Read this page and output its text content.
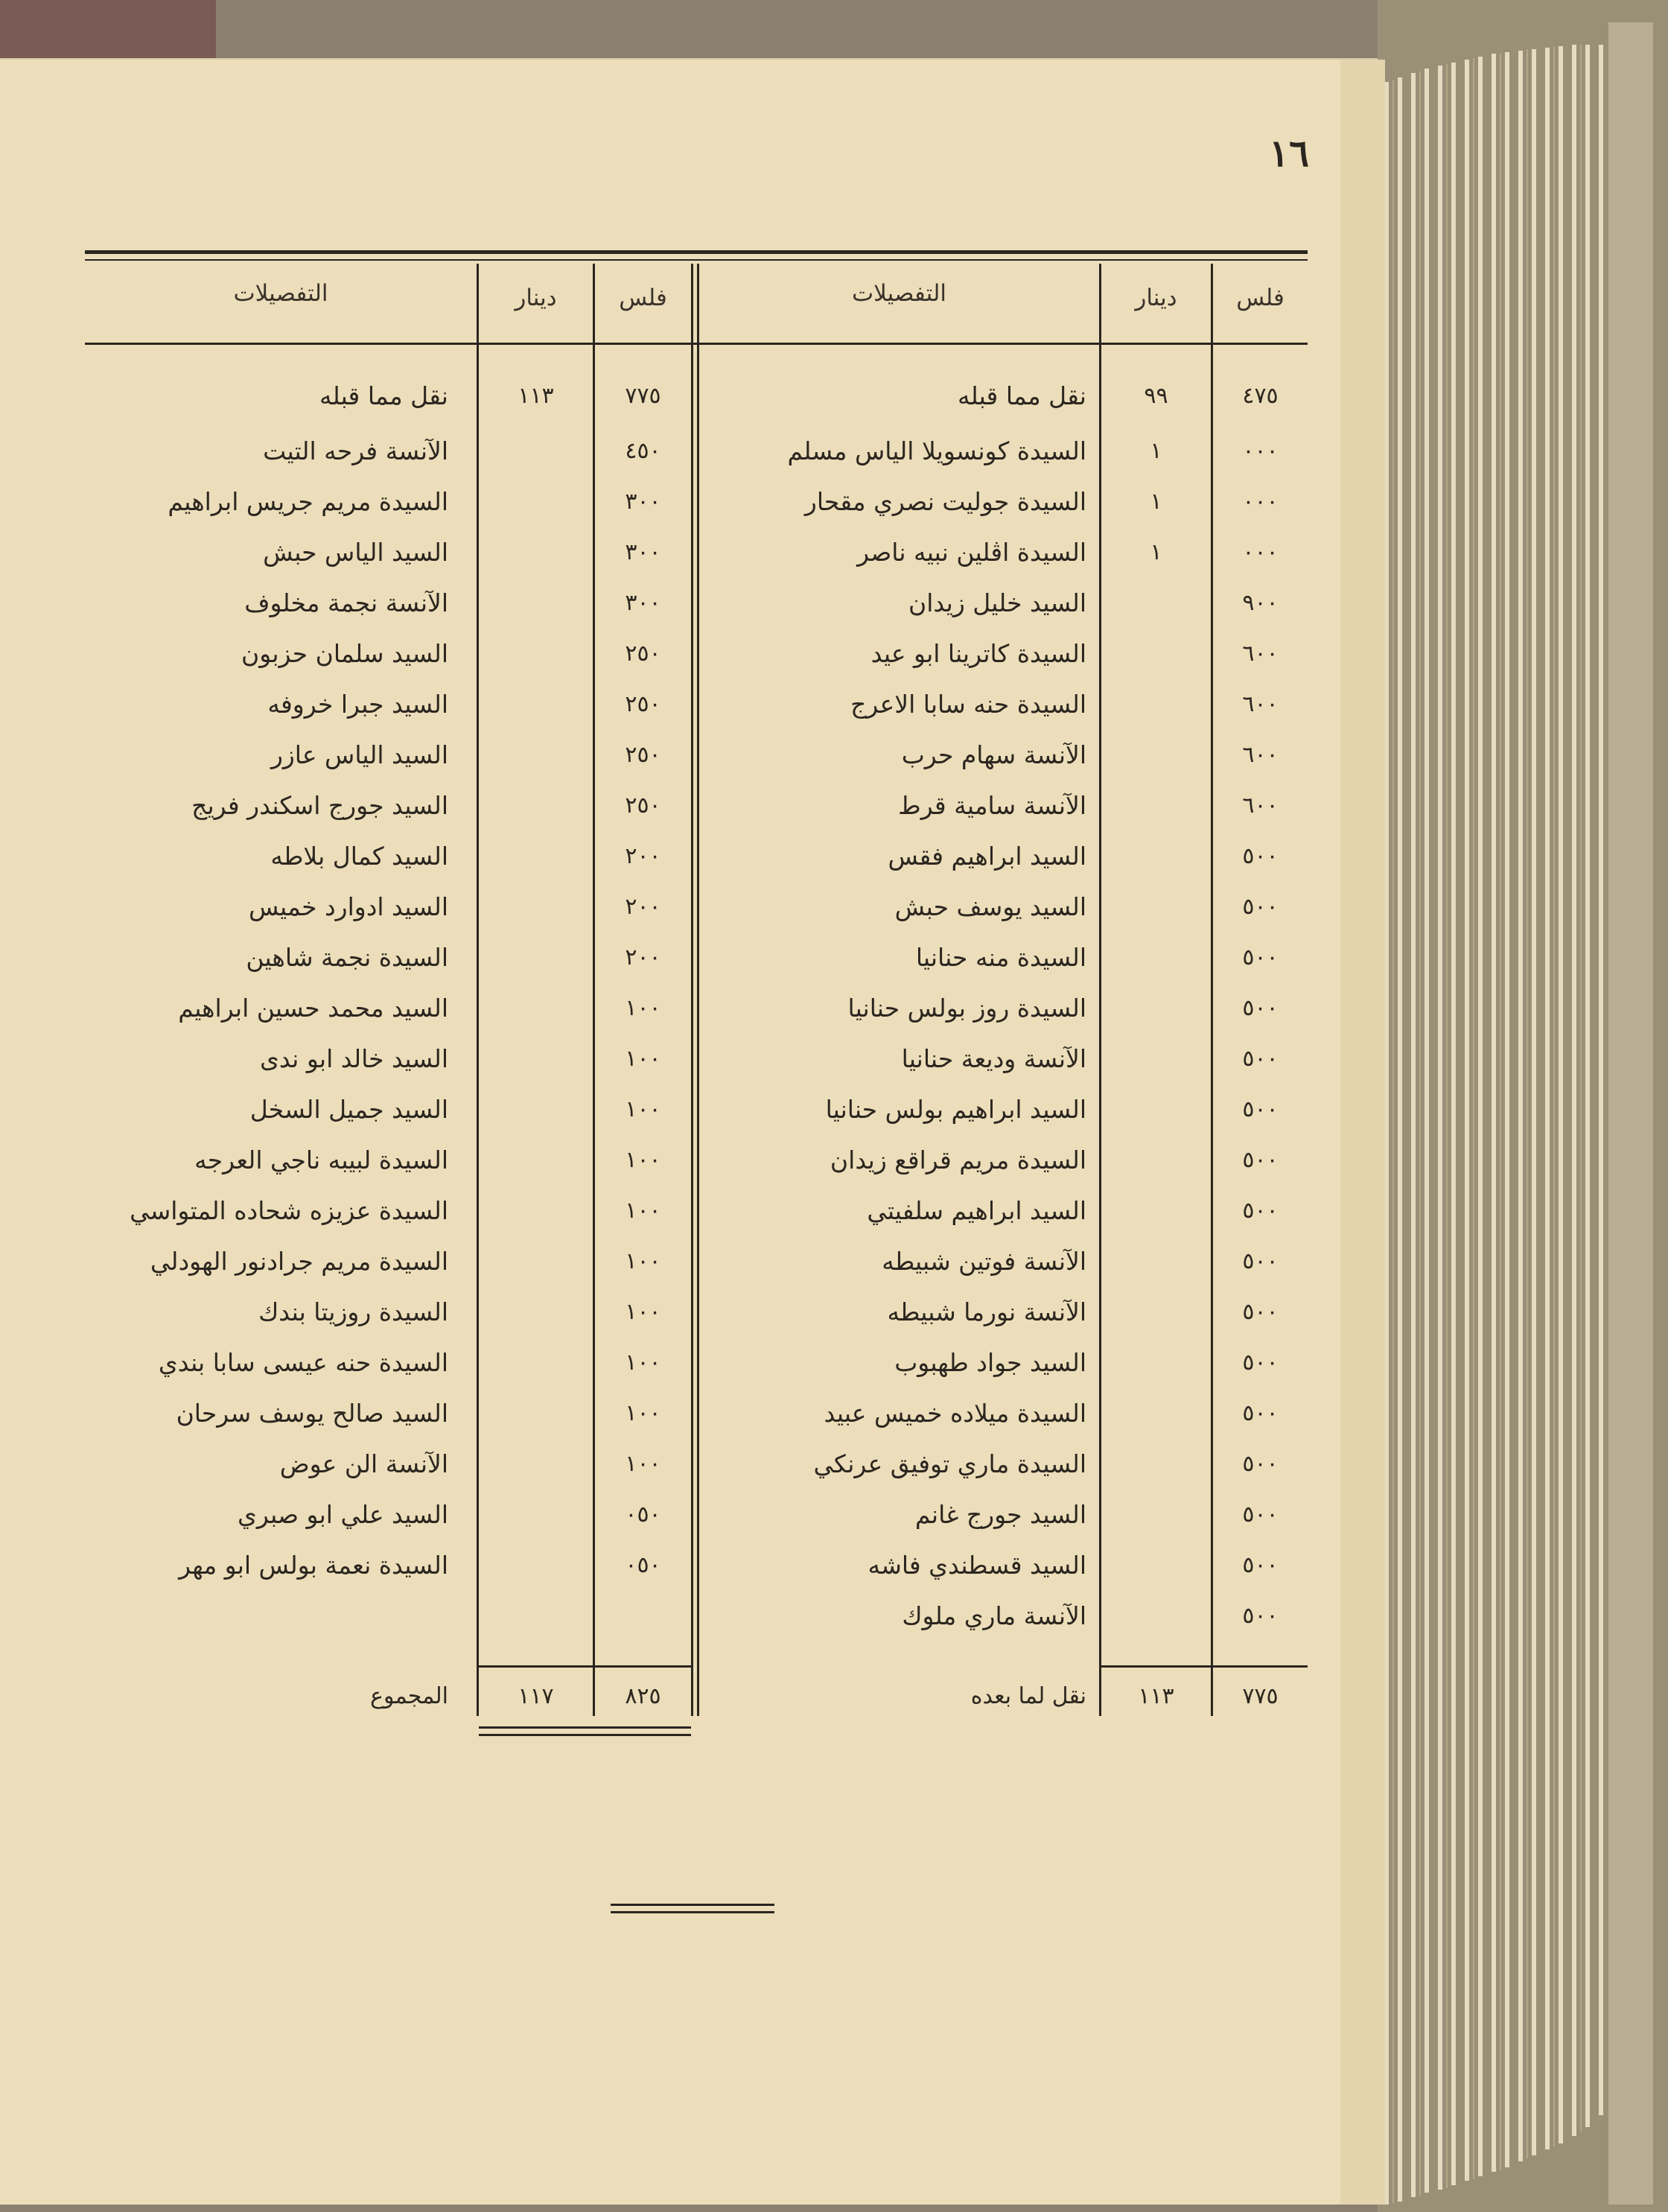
١٦
فلس
دينار
التفصيلات
فلس
دينار
التفصيلات
٤٧٥
٩٩
نقل مما قبله
٠٠٠
١
السيدة كونسويلا الياس مسلم
٠٠٠
١
السيدة جوليت نصري مقحار
٠٠٠
١
السيدة اڤلين نبيه ناصر
٩٠٠
السيد خليل زيدان
٦٠٠
السيدة كاترينا ابو عيد
٦٠٠
السيدة حنه سابا الاعرج
٦٠٠
الآنسة سهام حرب
٦٠٠
الآنسة سامية قرط
٥٠٠
السيد ابراهيم فقس
٥٠٠
السيد يوسف حبش
٥٠٠
السيدة منه حنانيا
٥٠٠
السيدة روز بولس حنانيا
٥٠٠
الآنسة وديعة حنانيا
٥٠٠
السيد ابراهيم بولس حنانيا
٥٠٠
السيدة مريم قراقع زيدان
٥٠٠
السيد ابراهيم سلفيتي
٥٠٠
الآنسة فوتين شبيطه
٥٠٠
الآنسة نورما شبيطه
٥٠٠
السيد جواد طهبوب
٥٠٠
السيدة ميلاده خميس عبيد
٥٠٠
السيدة ماري توفيق عرنكي
٥٠٠
السيد جورج غانم
٥٠٠
السيد قسطندي فاشه
٥٠٠
الآنسة ماري ملوك
٧٧٥
١١٣
نقل مما قبله
٤٥٠
الآنسة فرحه التيت
٣٠٠
السيدة مريم جريس ابراهيم
٣٠٠
السيد الياس حبش
٣٠٠
الآنسة نجمة مخلوف
٢٥٠
السيد سلمان حزبون
٢٥٠
السيد جبرا خروفه
٢٥٠
السيد الياس عازر
٢٥٠
السيد جورج اسكندر فريج
٢٠٠
السيد كمال بلاطه
٢٠٠
السيد ادوارد خميس
٢٠٠
السيدة نجمة شاهين
١٠٠
السيد محمد حسين ابراهيم
١٠٠
السيد خالد ابو ندى
١٠٠
السيد جميل السخل
١٠٠
السيدة لبيبه ناجي العرجه
١٠٠
السيدة عزيزه شحاده المتواسي
١٠٠
السيدة مريم جرادنور الهودلي
١٠٠
السيدة روزيتا بندك
١٠٠
السيدة حنه عيسى سابا بندي
١٠٠
السيد صالح يوسف سرحان
١٠٠
الآنسة الن عوض
٠٥٠
السيد علي ابو صبري
٠٥٠
السيدة نعمة بولس ابو مهر
٧٧٥
١١٣
نقل لما بعده
٨٢٥
١١٧
المجموع
